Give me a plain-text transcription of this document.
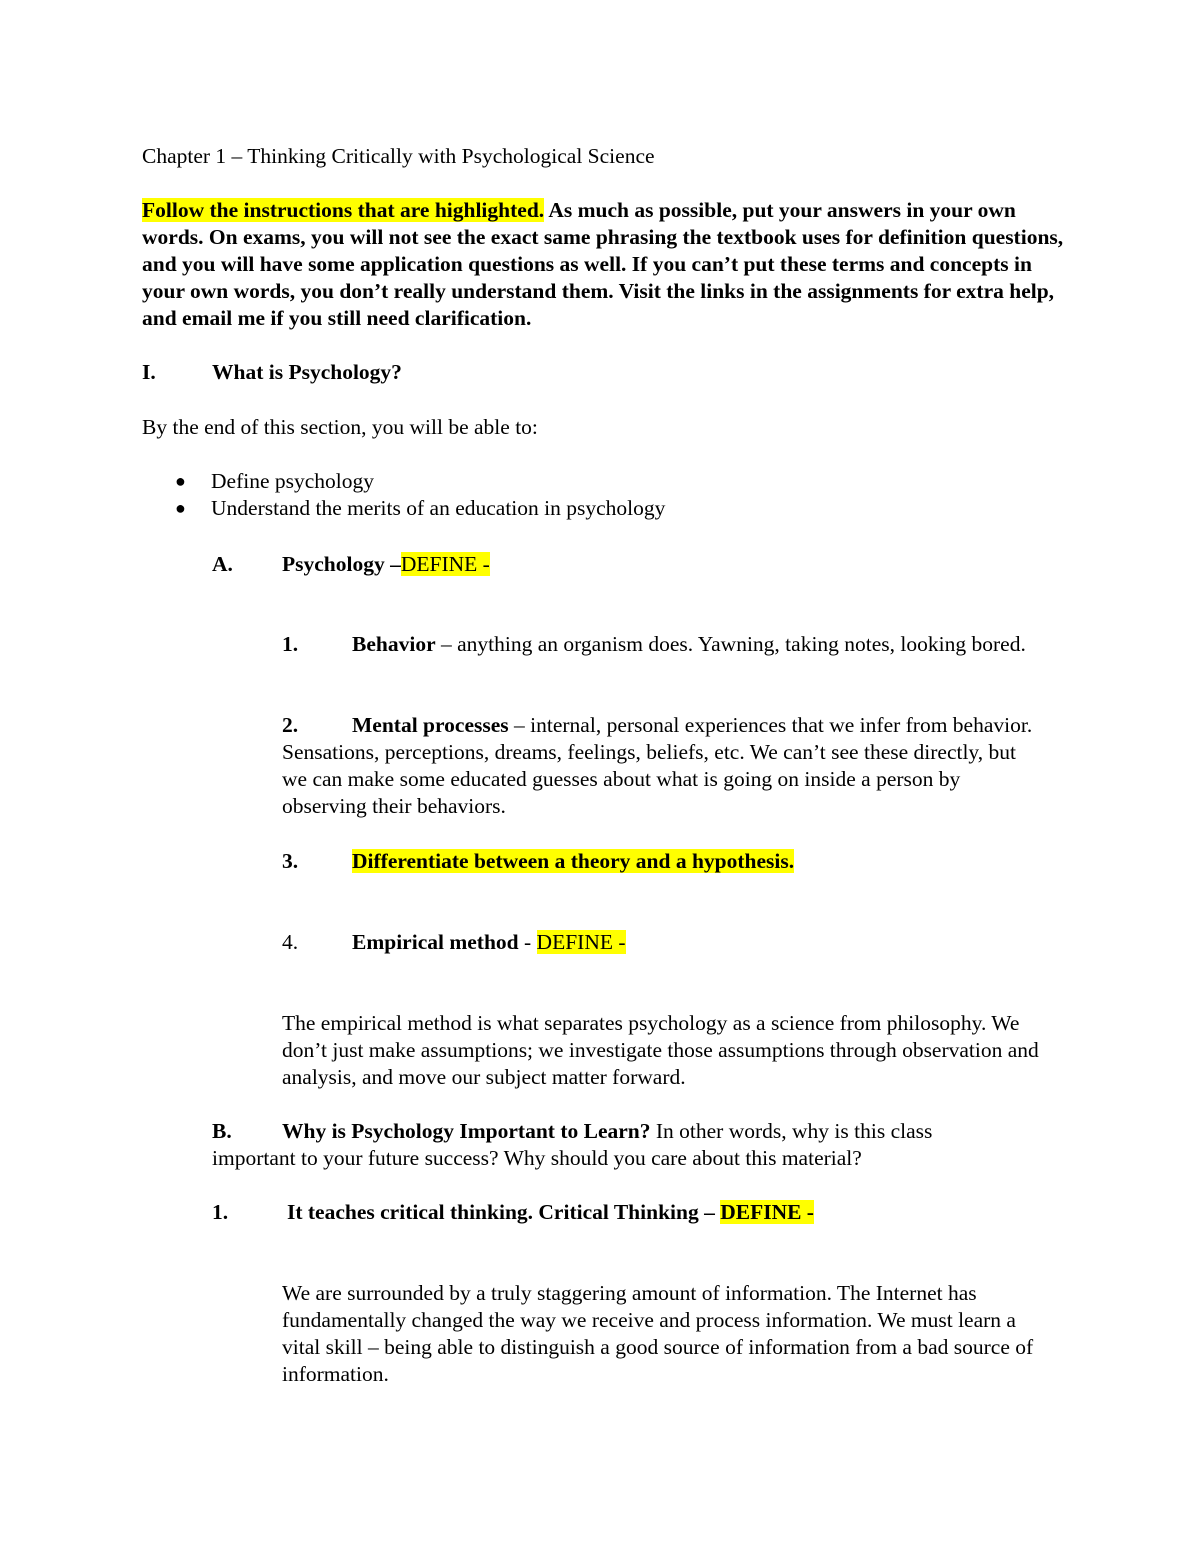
Chapter 1 – Thinking Critically with Psychological Science
Follow the instructions that are highlighted. As much as possible, put your answers in your own words. On exams, you will not see the exact same phrasing the textbook uses for definition questions, and you will have some application questions as well. If you can’t put these terms and concepts in your own words, you don’t really understand them. Visit the links in the assignments for extra help, and email me if you still need clarification.
I.	What is Psychology?
By the end of this section, you will be able to:
● Define psychology
● Understand the merits of an education in psychology
A. Psychology –DEFINE -
1.	Behavior – anything an organism does. Yawning, taking notes, looking bored.
2.	Mental processes – internal, personal experiences that we infer from behavior. Sensations, perceptions, dreams, feelings, beliefs, etc. We can’t see these directly, but we can make some educated guesses about what is going on inside a person by observing their behaviors.
3.	Differentiate between a theory and a hypothesis.
4.	Empirical method - DEFINE -
The empirical method is what separates psychology as a science from philosophy. We don’t just make assumptions; we investigate those assumptions through observation and analysis, and move our subject matter forward.
B.	Why is Psychology Important to Learn? In other words, why is this class important to your future success? Why should you care about this material?
1.	It teaches critical thinking. Critical Thinking – DEFINE -
We are surrounded by a truly staggering amount of information. The Internet has fundamentally changed the way we receive and process information. We must learn a vital skill – being able to distinguish a good source of information from a bad source of information.
